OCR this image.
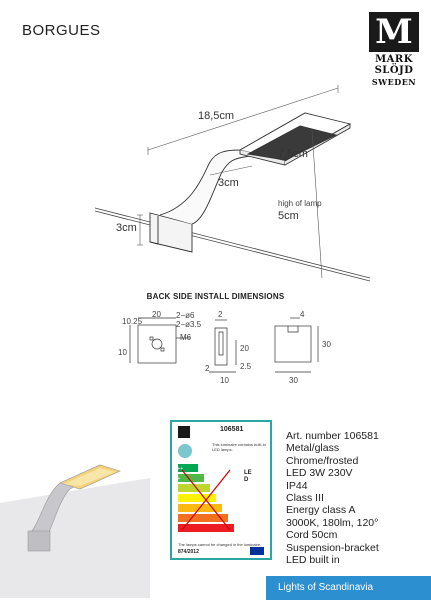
BORGUES	M
MARK
SLÖJD
SWEDEN
18,5cm
7,5cm
3cm
3cm
high of lamp
5cm
BACK SIDE INSTALL DIMENSIONS
10.25
20 2−ø6
2−ø3.5
M6
10
2
20
2	2.5
10
4
30
30
106581
This luminaire contains built-in LED lamps.
A++
A+
A
B
C
D
E
LED
The lamps cannot be changed in the luminaire.
874/2012
Art. number 106581
Metal/glass
Chrome/frosted
LED 3W 230V
IP44
Class III
Energy class A
3000K, 180lm, 120°
Cord 50cm
Suspension-bracket
LED built in
Lights of Scandinavia
